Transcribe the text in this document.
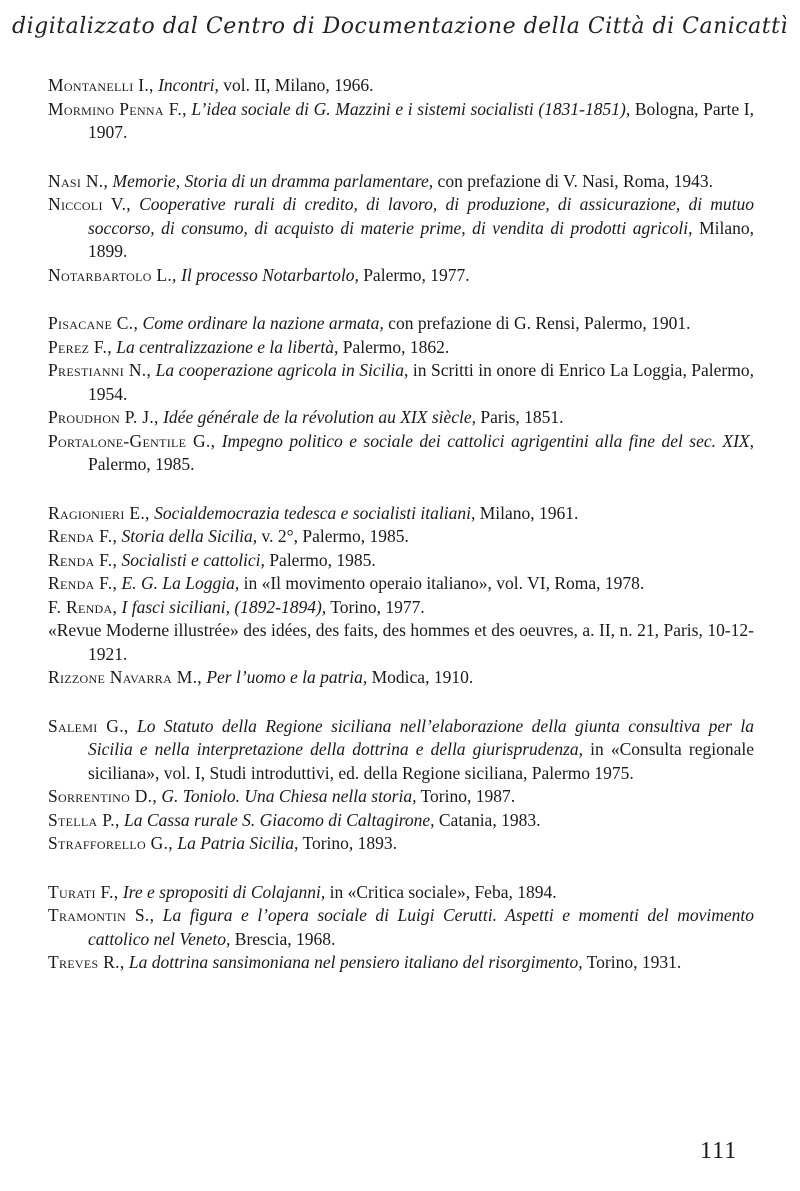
digitalizzato dal Centro di Documentazione della Città di Canicattì

Montanelli I., Incontri, vol. II, Milano, 1966.

Mormino Penna F., L’idea sociale di G. Mazzini e i sistemi socialisti (1831-1851), Bologna, Parte I, 1907.

Nasi N., Memorie, Storia di un dramma parlamentare, con prefazione di V. Nasi, Roma, 1943.

Niccoli V., Cooperative rurali di credito, di lavoro, di produzione, di assicurazione, di mutuo soccorso, di consumo, di acquisto di materie prime, di vendita di prodotti agricoli, Milano, 1899.

Notarbartolo L., Il processo Notarbartolo, Palermo, 1977.

Pisacane C., Come ordinare la nazione armata, con prefazione di G. Rensi, Palermo, 1901.

Perez F., La centralizzazione e la libertà, Palermo, 1862.

Prestianni N., La cooperazione agricola in Sicilia, in Scritti in onore di Enrico La Loggia, Palermo, 1954.

Proudhon P. J., Idée générale de la révolution au XIX siècle, Paris, 1851.

Portalone-Gentile G., Impegno politico e sociale dei cattolici agrigentini alla fine del sec. XIX, Palermo, 1985.

Ragionieri E., Socialdemocrazia tedesca e socialisti italiani, Milano, 1961.

Renda F., Storia della Sicilia, v. 2°, Palermo, 1985.

Renda F., Socialisti e cattolici, Palermo, 1985.

Renda F., E. G. La Loggia, in «Il movimento operaio italiano», vol. VI, Roma, 1978.

F. Renda, I fasci siciliani, (1892-1894), Torino, 1977.

«Revue Moderne illustrée» des idées, des faits, des hommes et des oeuvres, a. II, n. 21, Paris, 10-12-1921.

Rizzone Navarra M., Per l’uomo e la patria, Modica, 1910.

Salemi G., Lo Statuto della Regione siciliana nell’elaborazione della giunta consultiva per la Sicilia e nella interpretazione della dottrina e della giurisprudenza, in «Consulta regionale siciliana», vol. I, Studi introduttivi, ed. della Regione siciliana, Palermo 1975.

Sorrentino D., G. Toniolo. Una Chiesa nella storia, Torino, 1987.

Stella P., La Cassa rurale S. Giacomo di Caltagirone, Catania, 1983.

Strafforello G., La Patria Sicilia, Torino, 1893.

Turati F., Ire e spropositi di Colajanni, in «Critica sociale», Feba, 1894.

Tramontin S., La figura e l’opera sociale di Luigi Cerutti. Aspetti e momenti del movimento cattolico nel Veneto, Brescia, 1968.

Treves R., La dottrina sansimoniana nel pensiero italiano del risorgimento, Torino, 1931.

111
